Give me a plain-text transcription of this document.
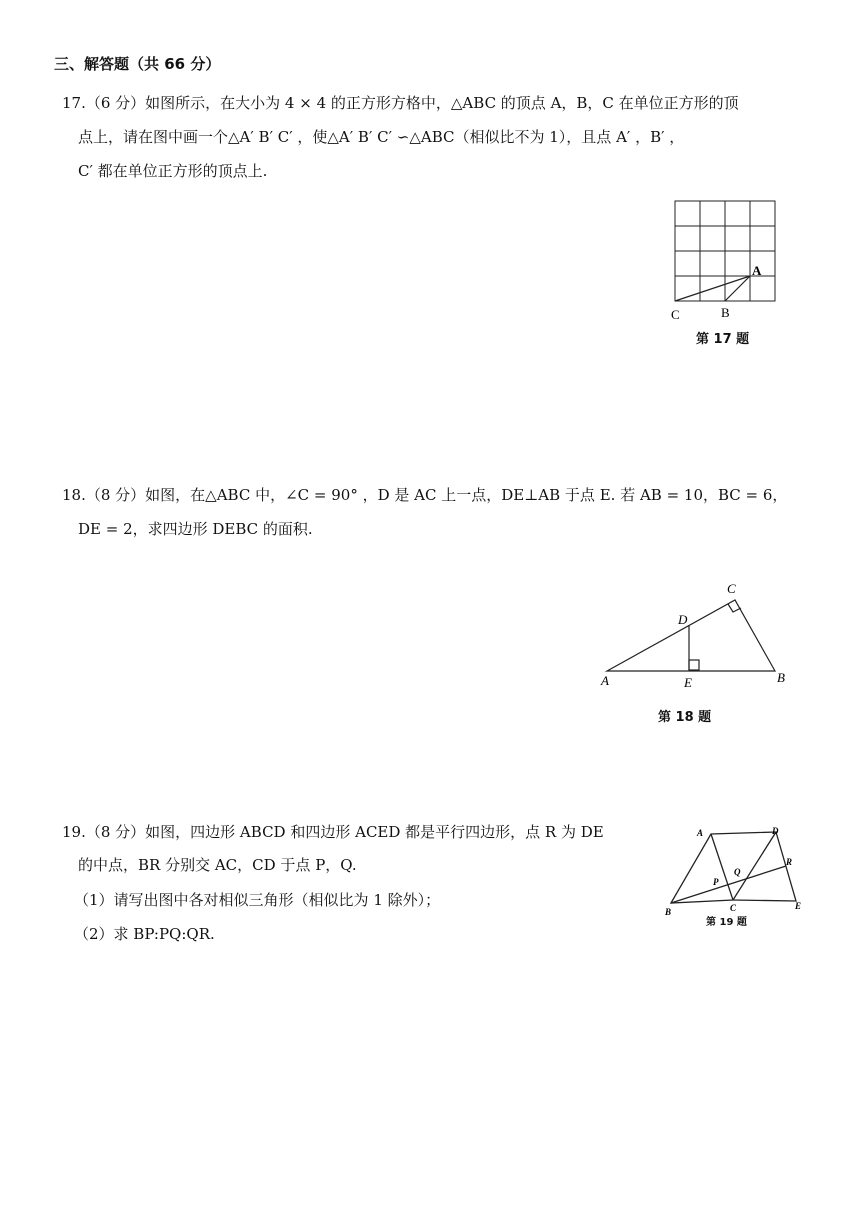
三、解答题（共 66 分）
17.（6 分）如图所示，在大小为 4 × 4 的正方形方格中，△ABC 的顶点 A，B，C 在单位正方形的顶
点上，请在图中画一个△A′ B′ C′ ，使△A′ B′ C′ ∽△ABC（相似比不为 1），且点 A′ ，B′ ，
C′ 都在单位正方形的顶点上.
A
B
C
第 17 题
18.（8 分）如图，在△ABC 中，∠C = 90° ，D 是 AC 上一点，DE⊥AB 于点 E. 若 AB = 10，BC = 6，
DE = 2，求四边形 DEBC 的面积.
A	B
C
D
E
第 18 题
19.（8 分）如图，四边形 ABCD 和四边形 ACED 都是平行四边形，点 R 为 DE
的中点，BR 分别交 AC，CD 于点 P，Q.
（1）请写出图中各对相似三角形（相似比为 1 除外）；
（2）求 BP:PQ:QR.
A
B	C
D
E
P
Q
R
第 19 题
